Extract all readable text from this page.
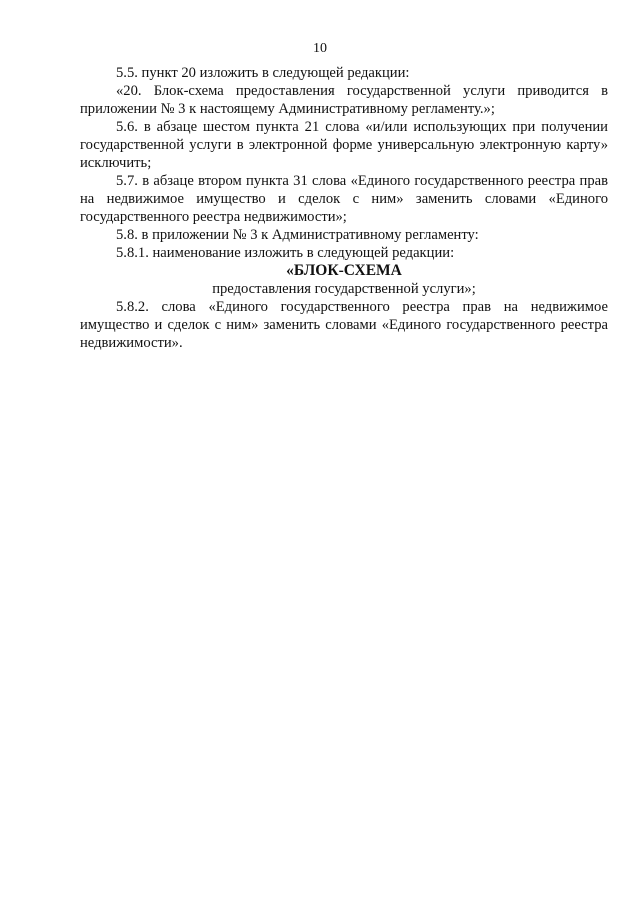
10

5.5. пункт 20 изложить в следующей редакции:

«20. Блок-схема предоставления государственной услуги приводится в приложении № 3 к настоящему Административному регламенту.»;

5.6. в абзаце шестом пункта 21 слова «и/или использующих при получении государственной услуги в электронной форме универсальную электронную карту» исключить;

5.7. в абзаце втором пункта 31 слова «Единого государственного реестра прав на недвижимое имущество и сделок с ним» заменить словами «Единого государственного реестра недвижимости»;

5.8. в приложении № 3 к Административному регламенту:

5.8.1. наименование изложить в следующей редакции:

«БЛОК-СХЕМА

предоставления государственной услуги»;

5.8.2. слова «Единого государственного реестра прав на недвижимое имущество и сделок с ним» заменить словами «Единого государственного реестра недвижимости».
